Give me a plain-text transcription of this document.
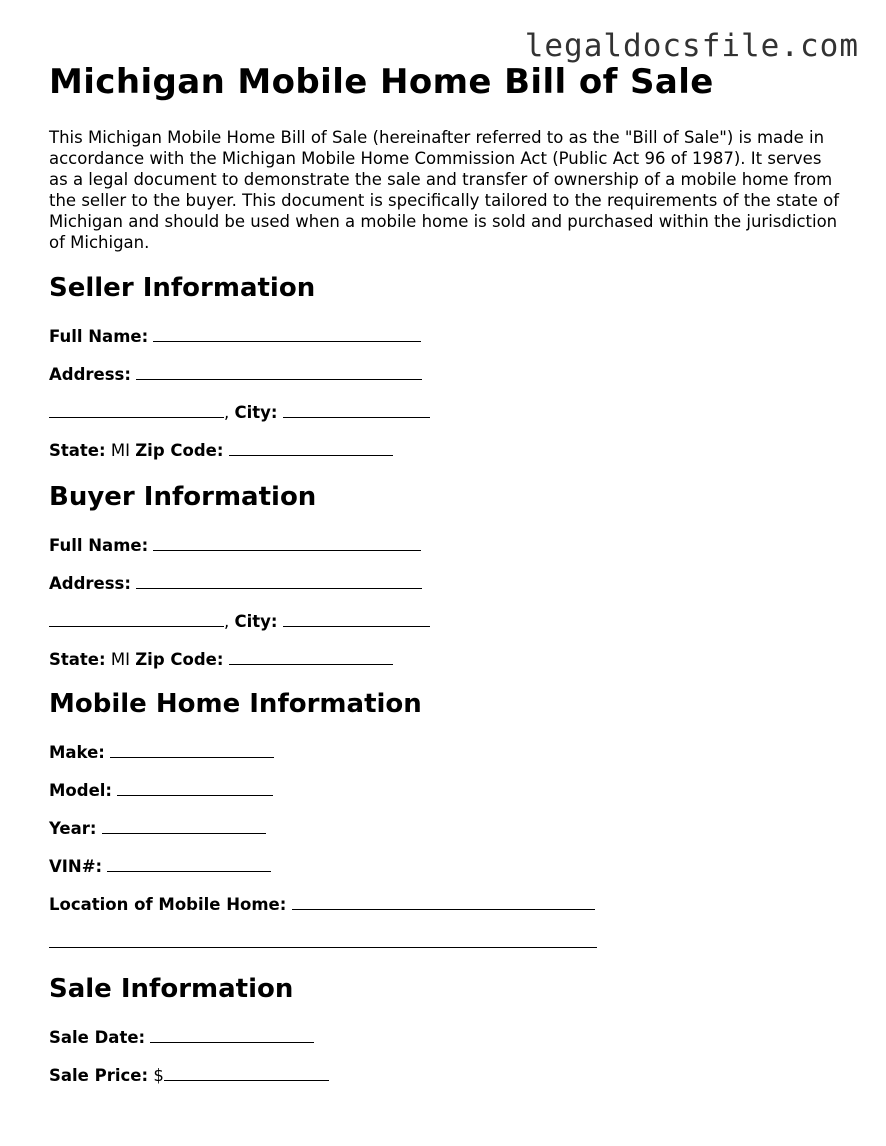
legaldocsfile.com
Michigan Mobile Home Bill of Sale

This Michigan Mobile Home Bill of Sale (hereinafter referred to as the "Bill of Sale") is made in accordance with the Michigan Mobile Home Commission Act (Public Act 96 of 1987). It serves as a legal document to demonstrate the sale and transfer of ownership of a mobile home from the seller to the buyer. This document is specifically tailored to the requirements of the state of Michigan and should be used when a mobile home is sold and purchased within the jurisdiction of Michigan.

Seller Information
Full Name:
Address:
, City:
State: MI Zip Code:
Buyer Information
Full Name:
Address:
, City:
State: MI Zip Code:
Mobile Home Information
Make:
Model:
Year:
VIN#:
Location of Mobile Home:
Sale Information
Sale Date:
Sale Price: $
